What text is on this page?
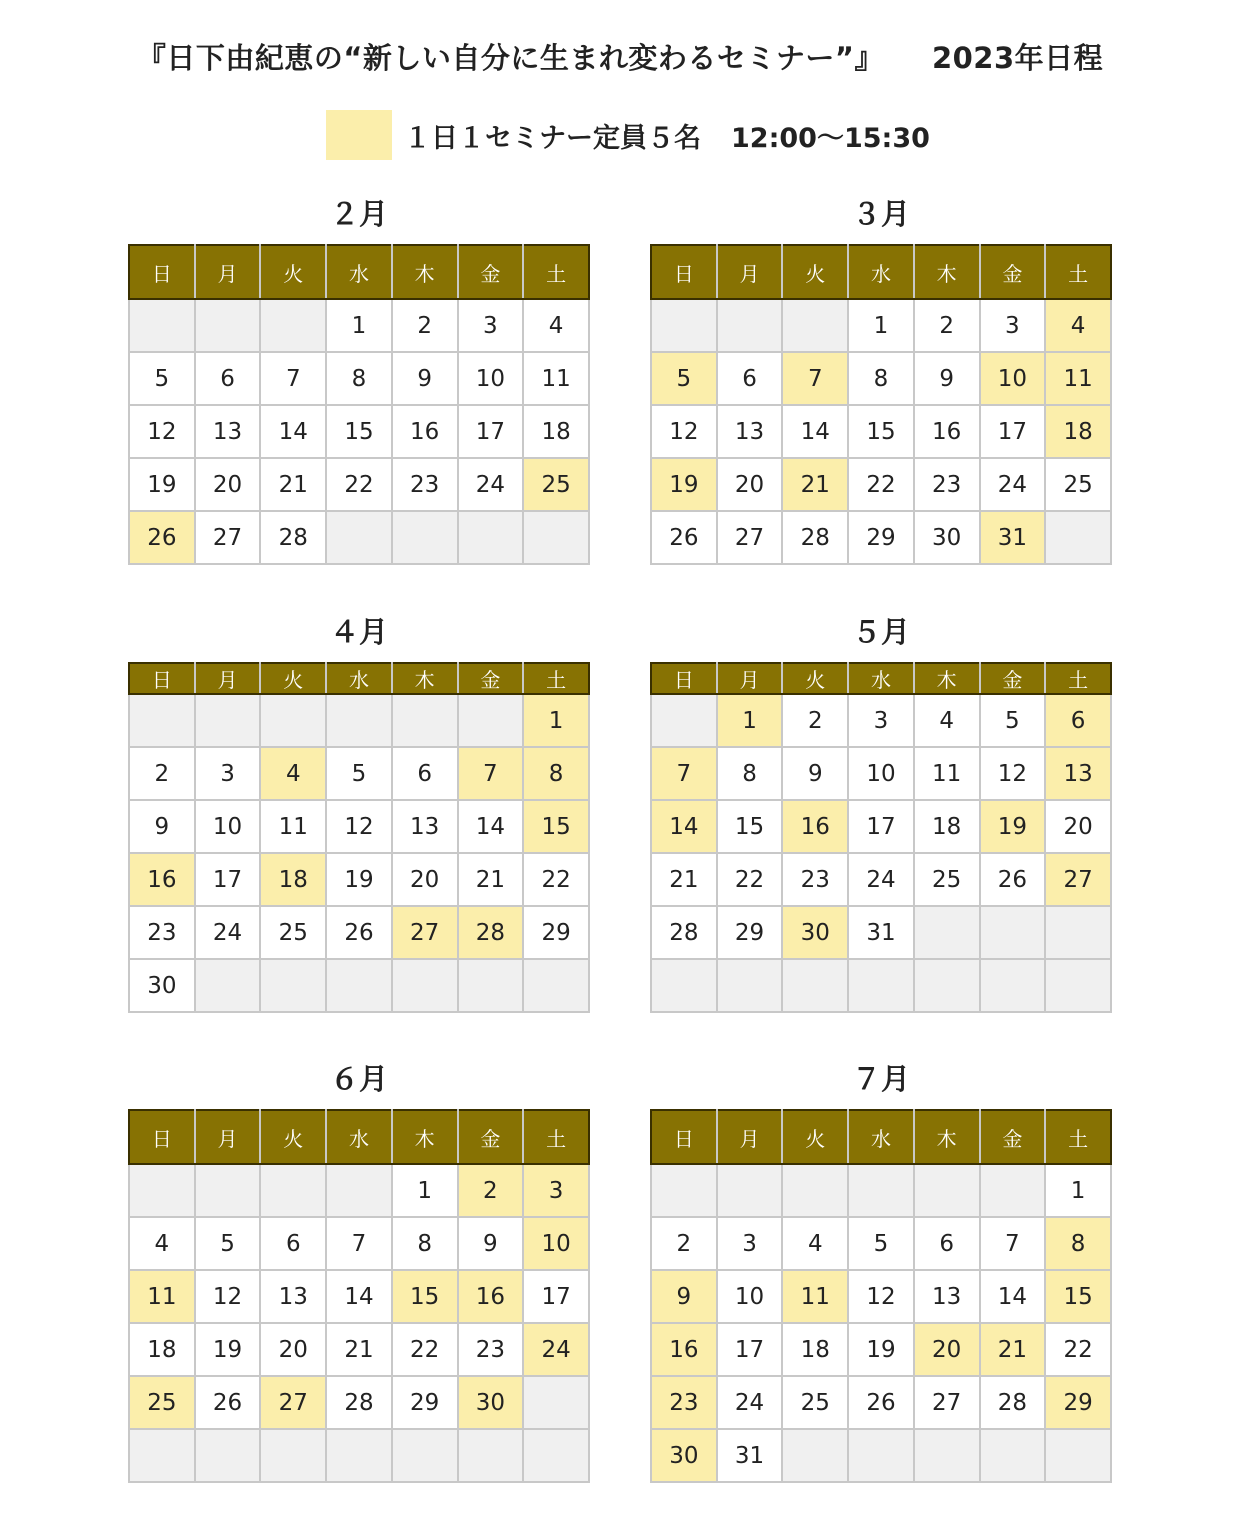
『日下由紀恵の“新しい自分に生まれ変わるセミナー”』 2023年日程
１日１セミナー定員５名 12:00〜15:30
２月
日	月	火	水	木	金	土
			1	2	3	4
5	6	7	8	9	10	11
12	13	14	15	16	17	18
19	20	21	22	23	24	25
26	27	28				
３月
日	月	火	水	木	金	土
			1	2	3	4
5	6	7	8	9	10	11
12	13	14	15	16	17	18
19	20	21	22	23	24	25
26	27	28	29	30	31	
４月
日	月	火	水	木	金	土
						1
2	3	4	5	6	7	8
9	10	11	12	13	14	15
16	17	18	19	20	21	22
23	24	25	26	27	28	29
30						
５月
日	月	火	水	木	金	土
	1	2	3	4	5	6
7	8	9	10	11	12	13
14	15	16	17	18	19	20
21	22	23	24	25	26	27
28	29	30	31			

６月
日	月	火	水	木	金	土
				1	2	3
4	5	6	7	8	9	10
11	12	13	14	15	16	17
18	19	20	21	22	23	24
25	26	27	28	29	30	

７月
日	月	火	水	木	金	土
						1
2	3	4	5	6	7	8
9	10	11	12	13	14	15
16	17	18	19	20	21	22
23	24	25	26	27	28	29
30	31					
